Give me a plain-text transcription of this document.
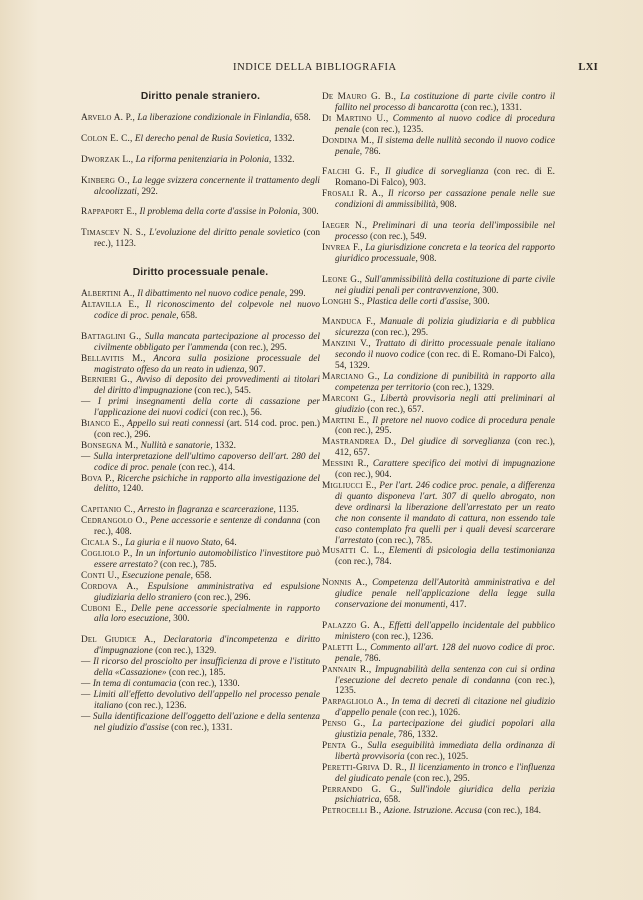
INDICE DELLA BIBLIOGRAFIA	LXI
Diritto penale straniero.

Arvelo A. P., La liberazione condizionale in Finlandia, 658.

Colon E. C., El derecho penal de Rusia Sovietica, 1332.

Dworzak L., La riforma penitenziaria in Polonia, 1332.

Kinberg O., La legge svizzera concernente il trattamento degli alcoolizzati, 292.

Rappaport E., Il problema della corte d'assise in Polonia, 300.

Timascev N. S., L'evoluzione del diritto penale sovietico (con rec.), 1123.

Diritto processuale penale.

Albertini A., Il dibattimento nel nuovo codice penale, 299.

Altavilla E., Il riconoscimento del colpevole nel nuovo codice di proc. penale, 658.

Battaglini G., Sulla mancata partecipazione al processo del civilmente obbligato per l'ammenda (con rec.), 295.

Bellavitis M., Ancora sulla posizione processuale del magistrato offeso da un reato in udienza, 907.

Bernieri G., Avviso di deposito dei provvedimenti ai titolari del diritto d'impugnazione (con rec.), 545.

— I primi insegnamenti della corte di cassazione per l'applicazione dei nuovi codici (con rec.), 56.

Bianco E., Appello sui reati connessi (art. 514 cod. proc. pen.) (con rec.), 296.

Bonsegna M., Nullità e sanatorie, 1332.

— Sulla interpretazione dell'ultimo capoverso dell'art. 280 del codice di proc. penale (con rec.), 414.

Bova P., Ricerche psichiche in rapporto alla investigazione del delitto, 1240.

Capitanio C., Arresto in flagranza e scarcerazione, 1135.

Cedrangolo O., Pene accessorie e sentenze di condanna (con rec.), 408.

Cicala S., La giuria e il nuovo Stato, 64.

Cogliolo P., In un infortunio automobilistico l'investitore può essere arrestato? (con rec.), 785.

Conti U., Esecuzione penale, 658.

Cordova A., Espulsione amministrativa ed espulsione giudiziaria dello straniero (con rec.), 296.

Cuboni E., Delle pene accessorie specialmente in rapporto alla loro esecuzione, 300.

Del Giudice A., Declaratoria d'incompetenza e diritto d'impugnazione (con rec.), 1329.

— Il ricorso del prosciolto per insufficienza di prove e l'istituto della «Cassazione» (con rec.), 185.

— In tema di contumacia (con rec.), 1330.

— Limiti all'effetto devolutivo dell'appello nel processo penale italiano (con rec.), 1236.

— Sulla identificazione dell'oggetto dell'azione e della sentenza nel giudizio d'assise (con rec.), 1331.

De Mauro G. B., La costituzione di parte civile contro il fallito nel processo di bancarotta (con rec.), 1331.

Di Martino U., Commento al nuovo codice di procedura penale (con rec.), 1235.

Dondina M., Il sistema delle nullità secondo il nuovo codice penale, 786.

Falchi G. F., Il giudice di sorveglianza (con rec. di E. Romano-Di Falco), 903.

Frosali R. A., Il ricorso per cassazione penale nelle sue condizioni di ammissibilità, 908.

Iaeger N., Preliminari di una teoria dell'impossibile nel processo (con rec.), 549.

Invrea F., La giurisdizione concreta e la teorica del rapporto giuridico processuale, 908.

Leone G., Sull'ammissibilità della costituzione di parte civile nei giudizi penali per contravvenzione, 300.

Longhi S., Plastica delle corti d'assise, 300.

Manduca F., Manuale di polizia giudiziaria e di pubblica sicurezza (con rec.), 295.

Manzini V., Trattato di diritto processuale penale italiano secondo il nuovo codice (con rec. di E. Romano-Di Falco), 54, 1329.

Marciano G., La condizione di punibilità in rapporto alla competenza per territorio (con rec.), 1329.

Marconi G., Libertà provvisoria negli atti preliminari al giudizio (con rec.), 657.

Martini E., Il pretore nel nuovo codice di procedura penale (con rec.), 295.

Mastrandrea D., Del giudice di sorveglianza (con rec.), 412, 657.

Messini R., Carattere specifico dei motivi di impugnazione (con rec.), 904.

Migliucci E., Per l'art. 246 codice proc. penale, a differenza di quanto disponeva l'art. 307 di quello abrogato, non deve ordinarsi la liberazione dell'arrestato per un reato che non consente il mandato di cattura, non essendo tale caso contemplato fra quelli per i quali devesi scarcerare l'arrestato (con rec.), 785.

Musatti C. L., Elementi di psicologia della testimonianza (con rec.), 784.

Nonnis A., Competenza dell'Autorità amministrativa e del giudice penale nell'applicazione della legge sulla conservazione dei monumenti, 417.

Palazzo G. A., Effetti dell'appello incidentale del pubblico ministero (con rec.), 1236.

Paletti L., Commento all'art. 128 del nuovo codice di proc. penale, 786.

Pannain R., Impugnabilità della sentenza con cui si ordina l'esecuzione del decreto penale di condanna (con rec.), 1235.

Parpagliolo A., In tema di decreti di citazione nel giudizio d'appello penale (con rec.), 1026.

Penso G., La partecipazione dei giudici popolari alla giustizia penale, 786, 1332.

Penta G., Sulla eseguibilità immediata della ordinanza di libertà provvisoria (con rec.), 1025.

Peretti-Griva D. R., Il licenziamento in tronco e l'influenza del giudicato penale (con rec.), 295.

Perrando G. G., Sull'indole giuridica della perizia psichiatrica, 658.

Petrocelli B., Azione. Istruzione. Accusa (con rec.), 184.
